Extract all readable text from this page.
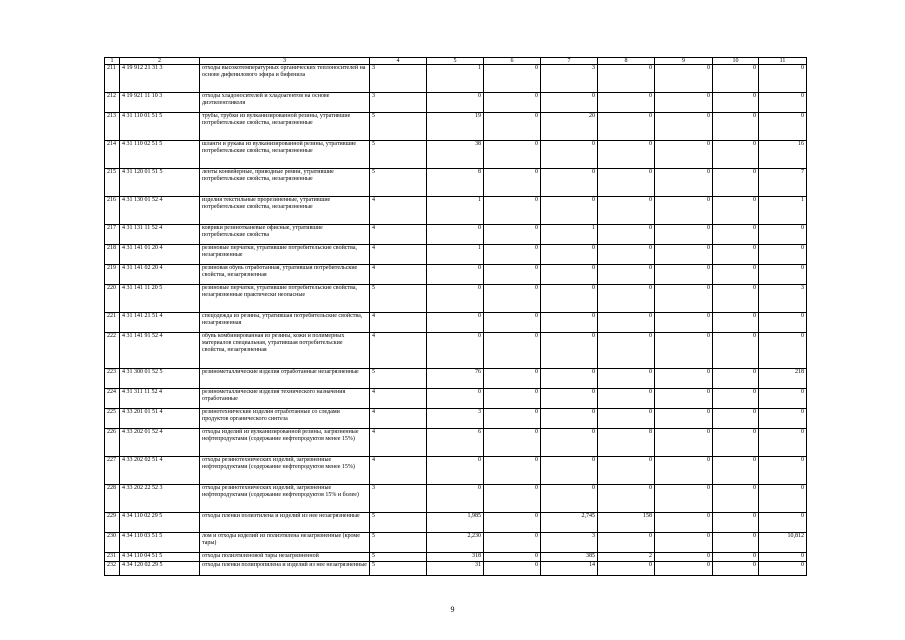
1	2	3	4	5	6	7	8	9	10	11
211	4 19 912 21 31 3	отходы высокотемпературных органических теплоносителей на основе дифенилового эфира и бифенила	3	1	0	3	0	0	0	0
212	4 19 921 11 10 3	отходы хладоносителей и хладоагентов на основе диэтиленгликоля	3	0	0	0	0	0	0	0
213	4 31 110 01 51 5	трубы, трубки из вулканизированной резины, утратившие потребительские свойства, незагрязненные	5	19	0	20	0	0	0	0
214	4 31 110 02 51 5	шланги и рукава из вулканизированной резины, утратившие потребительские свойства, незагрязненные	5	38	0	0	0	0	0	16
215	4 31 120 01 51 5	ленты конвейерные, приводные ремни, утратившие потребительские свойства, незагрязненные	5	8	0	0	0	0	0	7
216	4 31 130 01 52 4	изделия текстильные прорезиненные, утратившие потребительские свойства, незагрязненные	4	1	0	0	0	0	0	1
217	4 31 131 11 52 4	коврики резинотканевые офисные, утратившие потребительские свойства	4	0	0	1	0	0	0	0
218	4 31 141 01 20 4	резиновые перчатки, утратившие потребительские свойства, незагрязненные	4	1	0	0	0	0	0	0
219	4 31 141 02 20 4	резиновая обувь отработанная, утратившая потребительские свойства, незагрязненная	4	0	0	0	0	0	0	0
220	4 31 141 11 20 5	резиновые перчатки, утратившие потребительские свойства, незагрязненные практически неопасные	5	0	0	0	0	0	0	3
221	4 31 141 21 51 4	спецодежда из резины, утратившая потребительские свойства, незагрязненная	4	0	0	0	0	0	0	0
222	4 31 141 91 52 4	обувь комбинированная из резины, кожи и полимерных материалов специальная, утратившая потребительские свойства, незагрязненная	4	0	0	0	0	0	0	0
223	4 31 300 01 52 5	резинометаллические изделия отработанные незагрязненные	5	76	0	0	0	0	0	218
224	4 31 311 11 52 4	резинометаллические изделия технического назначения отработанные	4	0	0	0	0	0	0	0
225	4 33 201 01 51 4	резинотехнические изделия отработанные со следами продуктов органического синтеза	4	3	0	0	0	0	0	0
226	4 33 202 01 52 4	отходы изделий из вулканизированной резины, загрязненные нефтепродуктами (содержание нефтепродуктов менее 15%)	4	6	0	0	8	0	0	0
227	4 33 202 02 51 4	отходы резинотехнических изделий, загрязненные нефтепродуктами (содержание нефтепродуктов менее 15%)	4	0	0	0	0	0	0	0
228	4 33 202 22 52 3	отходы резинотехнических изделий, загрязненные нефтепродуктами (содержание нефтепродуктов 15% и более)	3	0	0	0	0	0	0	0
229	4 34 110 02 29 5	отходы пленки полиэтилена и изделий из нее незагрязненные	5	1,985	0	2,745	158	0	0	0
230	4 34 110 03 51 5	лом и отходы изделий из полиэтилена незагрязненные (кроме тары)	5	2,230	0	3	0	0	0	10,812
231	4 34 110 04 51 5	отходы полиэтиленовой тары незагрязненной	5	318	0	385	2	0	0	0
232	4 34 120 02 29 5	отходы пленки полипропилена и изделий из нее незагрязненные	5	31	0	14	0	0	0	0
9
